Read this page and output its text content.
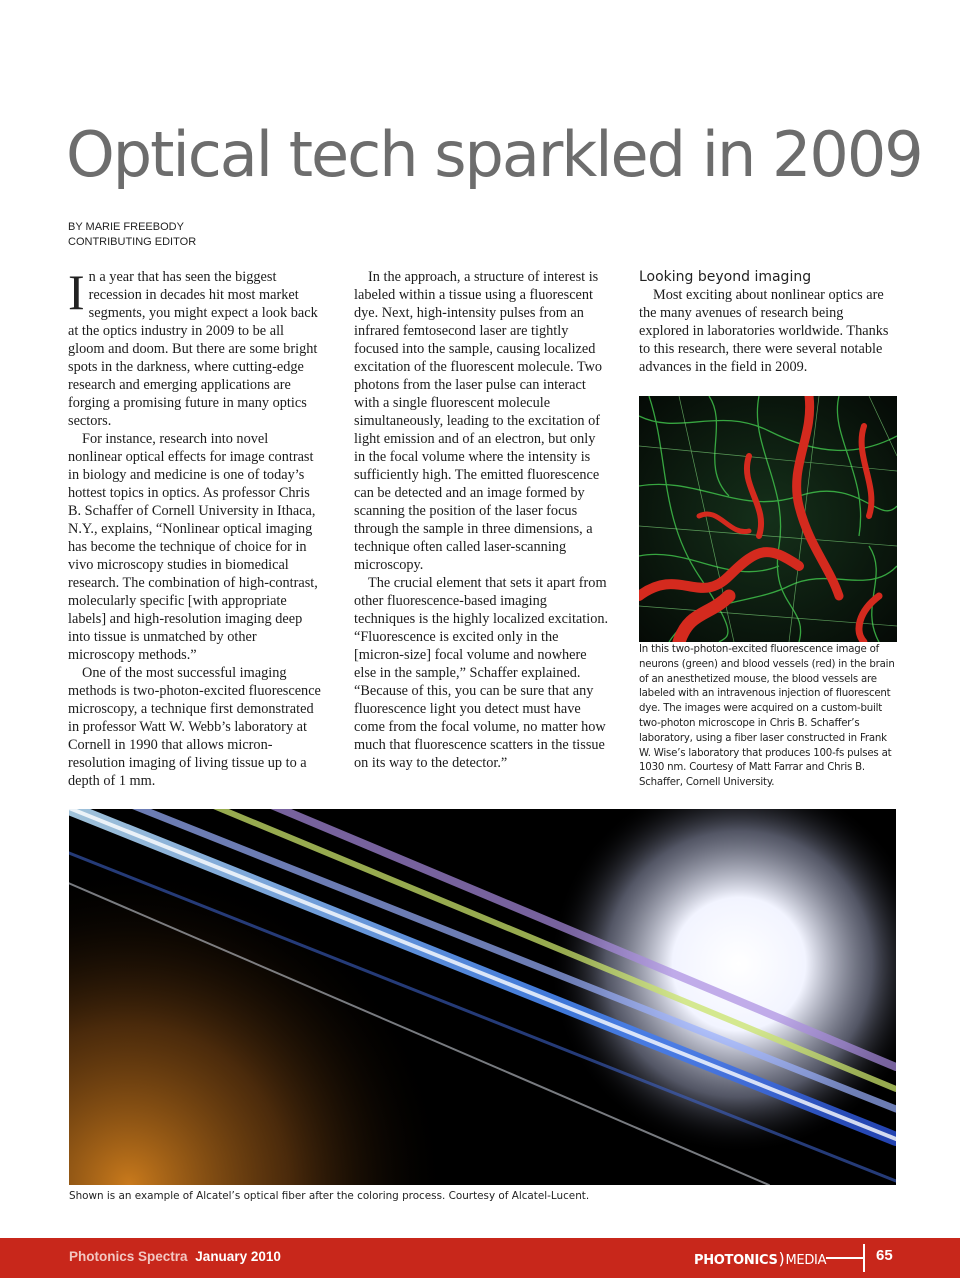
Optical tech sparkled in 2009
BY MARIE FREEBODY
CONTRIBUTING EDITOR

In a year that has seen the biggest recession in decades hit most market segments, you might expect a look back at the optics industry in 2009 to be all gloom and doom. But there are some bright spots in the darkness, where cutting-edge research and emerging applications are forging a promising future in many optics sectors.

For instance, research into novel nonlinear optical effects for image contrast in biology and medicine is one of today’s hottest topics in optics. As professor Chris B. Schaffer of Cornell University in Ithaca, N.Y., explains, “Nonlinear optical imaging has become the technique of choice for in vivo microscopy studies in biomedical research. The combination of high-contrast, molecularly specific [with appropriate labels] and high-resolution imaging deep into tissue is unmatched by other microscopy methods.”

One of the most successful imaging methods is two-photon-excited fluorescence microscopy, a technique first demonstrated in professor Watt W. Webb’s laboratory at Cornell in 1990 that allows micron-resolution imaging of living tissue up to a depth of 1 mm.

In the approach, a structure of interest is labeled within a tissue using a fluorescent dye. Next, high-intensity pulses from an infrared femtosecond laser are tightly focused into the sample, causing localized excitation of the fluorescent molecule. Two photons from the laser pulse can interact with a single fluorescent molecule simultaneously, leading to the excitation of light emission and of an electron, but only in the focal volume where the intensity is sufficiently high. The emitted fluorescence can be detected and an image formed by scanning the position of the laser focus through the sample in three dimensions, a technique often called laser-scanning microscopy.

The crucial element that sets it apart from other fluorescence-based imaging techniques is the highly localized excitation. “Fluorescence is excited only in the [micron-size] focal volume and nowhere else in the sample,” Schaffer explained. “Because of this, you can be sure that any fluorescence light you detect must have come from the focal volume, no matter how much that fluorescence scatters in the tissue on its way to the detector.”

Looking beyond imaging

Most exciting about nonlinear optics are the many avenues of research being explored in laboratories worldwide. Thanks to this research, there were several notable advances in the field in 2009.

In this two-photon-excited fluorescence image of neurons (green) and blood vessels (red) in the brain of an anesthetized mouse, the blood vessels are labeled with an intravenous injection of fluorescent dye. The images were acquired on a custom-built two-photon microscope in Chris B. Schaffer’s laboratory, using a fiber laser constructed in Frank W. Wise’s laboratory that produces 100-fs pulses at 1030 nm. Courtesy of Matt Farrar and Chris B. Schaffer, Cornell University.
Shown is an example of Alcatel’s optical fiber after the coloring process. Courtesy of Alcatel-Lucent.
Photonics Spectra January 2010	PHOTONICS)MEDIA	65
